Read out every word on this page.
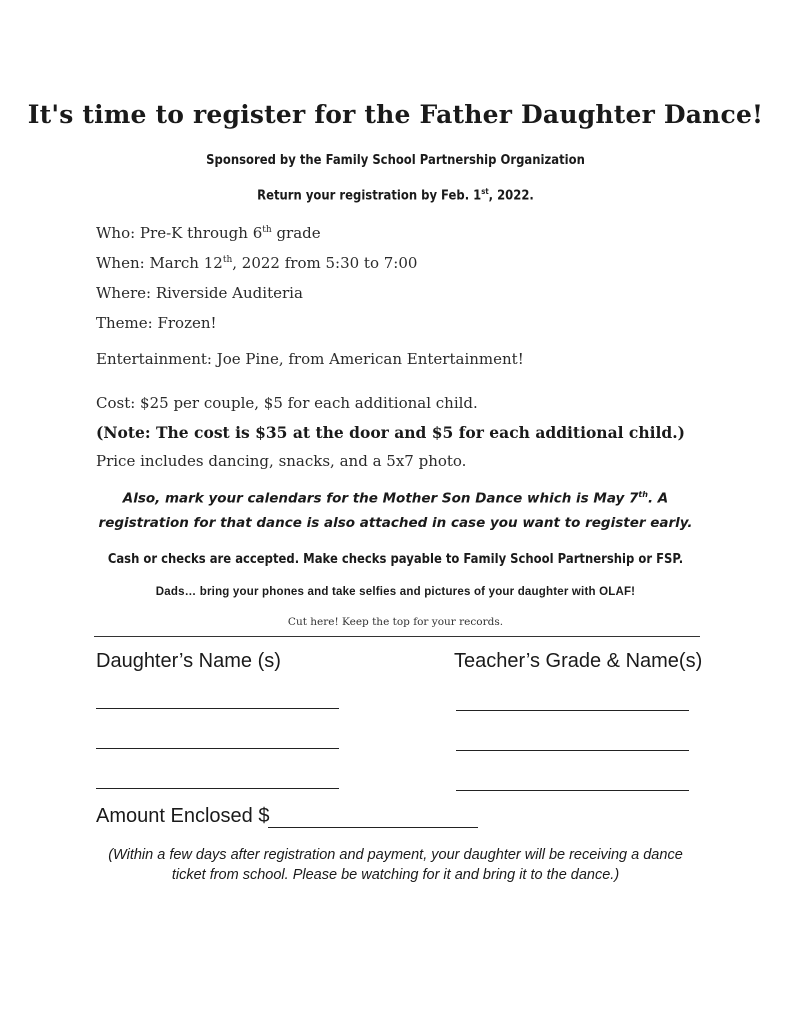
It's time to register for the Father Daughter Dance!

Sponsored by the Family School Partnership Organization

Return your registration by Feb. 1st, 2022.

Who: Pre-K through 6th grade

When: March 12th, 2022 from 5:30 to 7:00

Where: Riverside Auditeria

Theme: Frozen!

Entertainment: Joe Pine, from American Entertainment!

Cost: $25 per couple, $5 for each additional child.

(Note: The cost is $35 at the door and $5 for each additional child.)

Price includes dancing, snacks, and a 5x7 photo.

Also, mark your calendars for the Mother Son Dance which is May 7th. A

registration for that dance is also attached in case you want to register early.

Cash or checks are accepted. Make checks payable to Family School Partnership or FSP.

Dads… bring your phones and take selfies and pictures of your daughter with OLAF!

Cut here! Keep the top for your records.

Daughter’s Name (s)	Teacher’s Grade & Name(s)

Amount Enclosed $

(Within a few days after registration and payment, your daughter will be receiving a dance
ticket from school. Please be watching for it and bring it to the dance.)
